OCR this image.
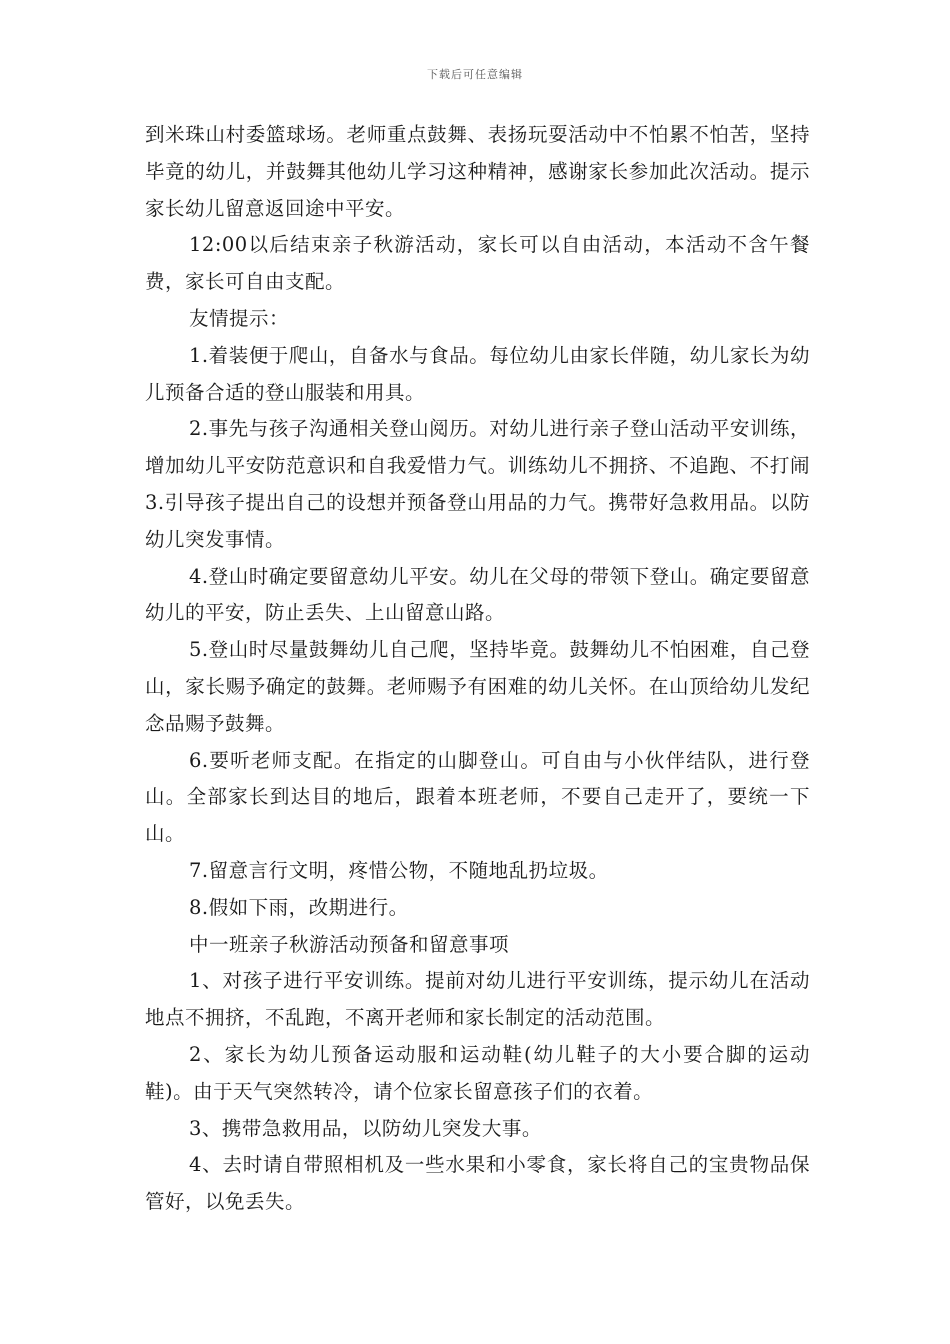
下载后可任意编辑

到米珠山村委篮球场。老师重点鼓舞、表扬玩耍活动中不怕累不怕苦，坚持毕竟的幼儿，并鼓舞其他幼儿学习这种精神，感谢家长参加此次活动。提示家长幼儿留意返回途中平安。

12:00以后结束亲子秋游活动，家长可以自由活动，本活动不含午餐费，家长可自由支配。

友情提示：

1.着装便于爬山，自备水与食品。每位幼儿由家长伴随，幼儿家长为幼儿预备合适的登山服装和用具。

2.事先与孩子沟通相关登山阅历。对幼儿进行亲子登山活动平安训练，增加幼儿平安防范意识和自我爱惜力气。训练幼儿不拥挤、不追跑、不打闹 3.引导孩子提出自己的设想并预备登山用品的力气。携带好急救用品。以防幼儿突发事情。

4.登山时确定要留意幼儿平安。幼儿在父母的带领下登山。确定要留意幼儿的平安，防止丢失、上山留意山路。

5.登山时尽量鼓舞幼儿自己爬，坚持毕竟。鼓舞幼儿不怕困难，自己登山，家长赐予确定的鼓舞。老师赐予有困难的幼儿关怀。在山顶给幼儿发纪念品赐予鼓舞。

6.要听老师支配。在指定的山脚登山。可自由与小伙伴结队，进行登山。全部家长到达目的地后，跟着本班老师，不要自己走开了，要统一下山。

7.留意言行文明，疼惜公物，不随地乱扔垃圾。

8.假如下雨，改期进行。

中一班亲子秋游活动预备和留意事项

1、对孩子进行平安训练。提前对幼儿进行平安训练，提示幼儿在活动地点不拥挤，不乱跑，不离开老师和家长制定的活动范围。

2、家长为幼儿预备运动服和运动鞋(幼儿鞋子的大小要合脚的运动鞋)。由于天气突然转冷，请个位家长留意孩子们的衣着。

3、携带急救用品，以防幼儿突发大事。

4、去时请自带照相机及一些水果和小零食，家长将自己的宝贵物品保管好，以免丢失。
